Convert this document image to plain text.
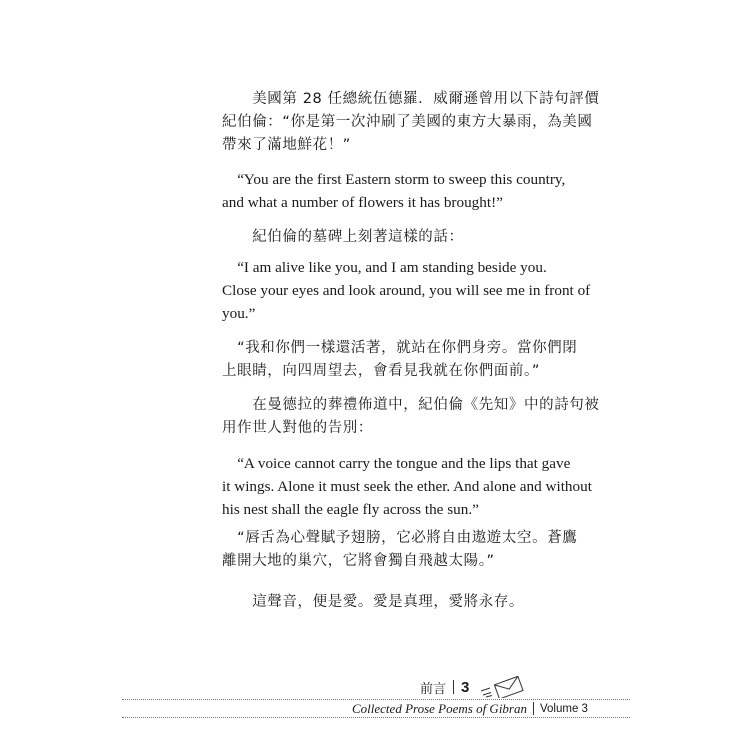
　　美國第 28 任總統伍德羅．威爾遜曾用以下詩句評價
紀伯倫：“你是第一次沖刷了美國的東方大暴雨，為美國
帶來了滿地鮮花！”

　“You are the first Eastern storm to sweep this country,
and what a number of flowers it has brought!”

　　紀伯倫的墓碑上刻著這樣的話：

　“I am alive like you, and I am standing beside you.
Close your eyes and look around, you will see me in front of
you.”

　“我和你們一樣還活著，就站在你們身旁。當你們閉
上眼睛，向四周望去，會看見我就在你們面前。”

　　在曼德拉的葬禮佈道中，紀伯倫《先知》中的詩句被
用作世人對他的告別：

　“A voice cannot carry the tongue and the lips that gave
it wings. Alone it must seek the ether. And alone and without
his nest shall the eagle fly across the sun.”

　“唇舌為心聲賦予翅膀，它必將自由遨遊太空。蒼鷹
離開大地的巢穴，它將會獨自飛越太陽。”

　　這聲音，便是愛。愛是真理，愛將永存。

前言 3
Collected Prose Poems of Gibran Volume 3
